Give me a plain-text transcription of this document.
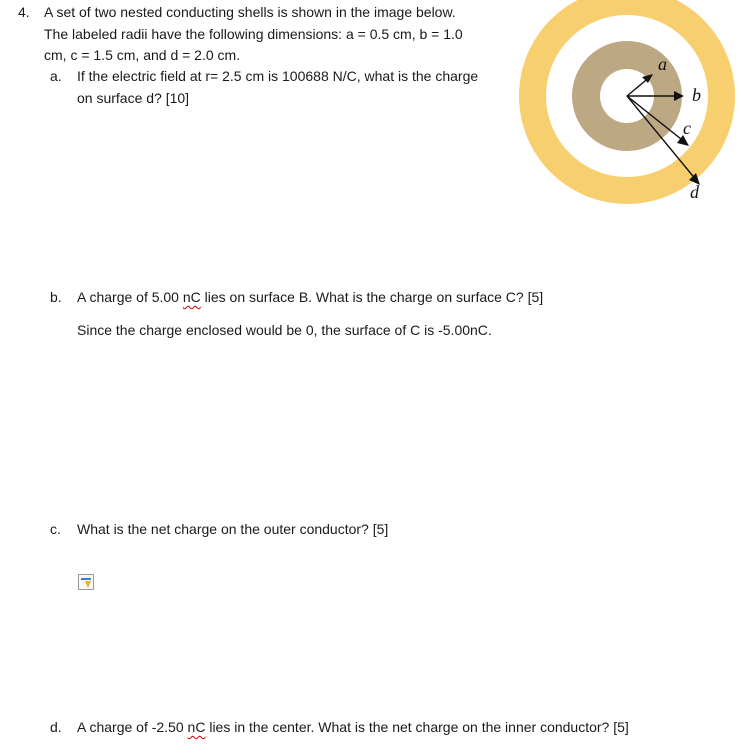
4. A set of two nested conducting shells is shown in the image below.
The labeled radii have the following dimensions: a = 0.5 cm, b = 1.0
cm, c = 1.5 cm, and d = 2.0 cm.
a. If the electric field at r= 2.5 cm is 100688 N/C, what is the charge
on surface d? [10]
a
b
c
d
b. A charge of 5.00 nC lies on surface B. What is the charge on surface C? [5]
Since the charge enclosed would be 0, the surface of C is -5.00nC.
c. What is the net charge on the outer conductor? [5]
d. A charge of -2.50 nC lies in the center. What is the net charge on the inner conductor? [5]
